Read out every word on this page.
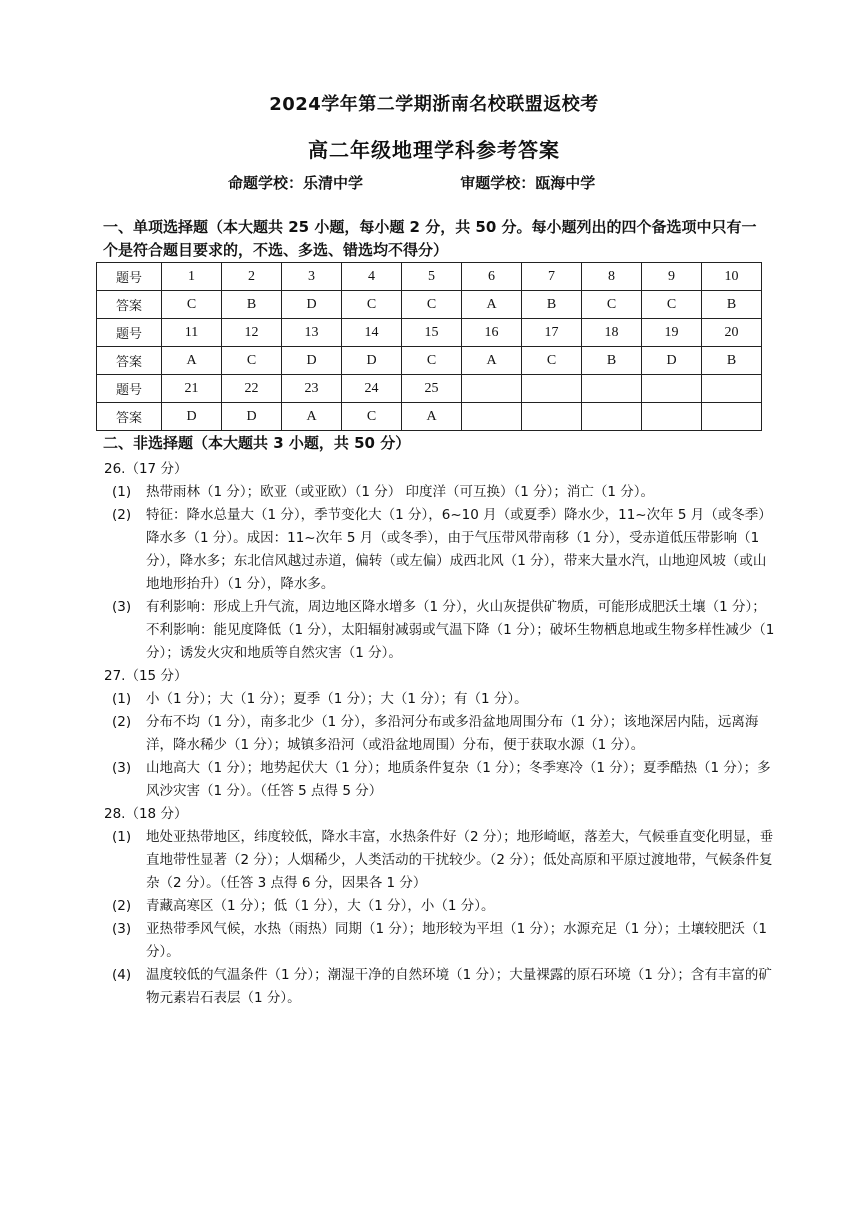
2024学年第二学期浙南名校联盟返校考
高二年级地理学科参考答案
命题学校：乐清中学	审题学校：瓯海中学
一、单项选择题（本大题共 25 小题，每小题 2 分，共 50 分。每小题列出的四个备选项中只有一个是符合题目要求的，不选、多选、错选均不得分）
题号	1	2	3	4	5	6	7	8	9	10
答案	C	B	D	C	C	A	B	C	C	B
题号	11	12	13	14	15	16	17	18	19	20
答案	A	C	D	D	C	A	C	B	D	B
题号	21	22	23	24	25					
答案	D	D	A	C	A					
二、非选择题（本大题共 3 小题，共 50 分）

26.（17 分）

(1)	热带雨林（1 分）；欧亚（或亚欧）（1 分） 印度洋（可互换）（1 分）；消亡（1 分）。
(2)	特征：降水总量大（1 分），季节变化大（1 分），6~10 月（或夏季）降水少，11~次年 5 月（或冬季）降水多（1 分）。成因：11~次年 5 月（或冬季），由于气压带风带南移（1 分），受赤道低压带影响（1 分），降水多；东北信风越过赤道，偏转（或左偏）成西北风（1 分），带来大量水汽，山地迎风坡（或山地地形抬升）（1 分），降水多。
(3)	有利影响：形成上升气流，周边地区降水增多（1 分），火山灰提供矿物质，可能形成肥沃土壤（1 分）；不利影响：能见度降低（1 分），太阳辐射减弱或气温下降（1 分）；破坏生物栖息地或生物多样性减少（1 分）；诱发火灾和地质等自然灾害（1 分）。

27.（15 分）

(1)	小（1 分）；大（1 分）；夏季（1 分）；大（1 分）；有（1 分）。
(2)	分布不均（1 分），南多北少（1 分），多沿河分布或多沿盆地周围分布（1 分）；该地深居内陆，远离海洋，降水稀少（1 分）；城镇多沿河（或沿盆地周围）分布，便于获取水源（1 分）。
(3)	山地高大（1 分）；地势起伏大（1 分）；地质条件复杂（1 分）；冬季寒冷（1 分）；夏季酷热（1 分）；多风沙灾害（1 分）。（任答 5 点得 5 分）

28.（18 分）

(1)	地处亚热带地区，纬度较低，降水丰富，水热条件好（2 分）；地形崎岖，落差大，气候垂直变化明显，垂直地带性显著（2 分）；人烟稀少，人类活动的干扰较少。（2 分）；低处高原和平原过渡地带，气候条件复杂（2 分）。（任答 3 点得 6 分，因果各 1 分）
(2)	青藏高寒区（1 分）；低（1 分），大（1 分），小（1 分）。
(3)	亚热带季风气候，水热（雨热）同期（1 分）；地形较为平坦（1 分）；水源充足（1 分）；土壤较肥沃（1 分）。
(4)	温度较低的气温条件（1 分）；潮湿干净的自然环境（1 分）；大量裸露的原石环境（1 分）；含有丰富的矿物元素岩石表层（1 分）。
